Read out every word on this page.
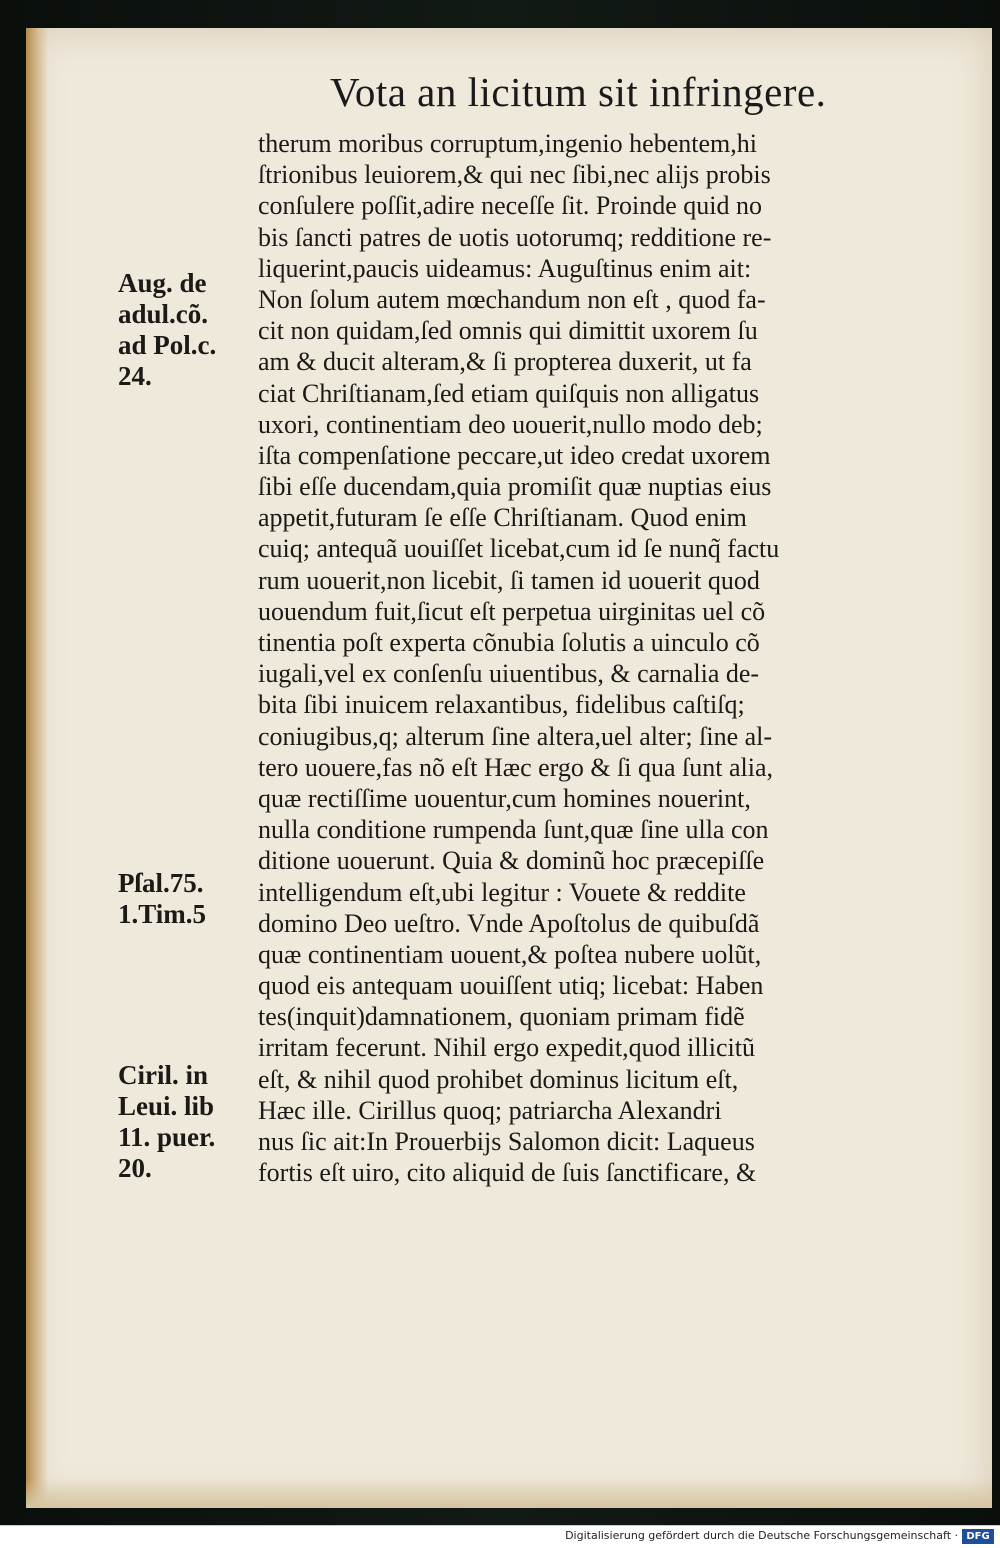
Vota an licitum sit infringere.
Aug. de
adul.cõ.
ad Pol.c.
24.
Pſal.75.
1.Tim.5
Ciril. in
Leui. lib
11. puer.
20.
therum moribus corruptum,ingenio hebentem,hi
ſtrionibus leuiorem,& qui nec ſibi,nec alijs probis
conſulere poſſit,adire neceſſe ſit. Proinde quid no
bis ſancti patres de uotis uotorumq; redditione re-
liquerint,paucis uideamus: Auguſtinus enim ait:
Non ſolum autem mœchandum non eſt , quod fa-
cit non quidam,ſed omnis qui dimittit uxorem ſu
am & ducit alteram,& ſi propterea duxerit, ut fa
ciat Chriſtianam,ſed etiam quiſquis non alligatus
uxori, continentiam deo uouerit,nullo modo deb;
iſta compenſatione peccare,ut ideo credat uxorem
ſibi eſſe ducendam,quia promiſit quæ nuptias eius
appetit,futuram ſe eſſe Chriſtianam. Quod enim
cuiq; antequã uouiſſet licebat,cum id ſe nunq̃ factu
rum uouerit,non licebit, ſi tamen id uouerit quod
uouendum fuit,ſicut eſt perpetua uirginitas uel cõ
tinentia poſt experta cõnubia ſolutis a uinculo cõ
iugali,vel ex conſenſu uiuentibus, & carnalia de-
bita ſibi inuicem relaxantibus, fidelibus caſtiſq;
coniugibus,q; alterum ſine altera,uel alter; ſine al-
tero uouere,fas nõ eſt Hæc ergo & ſi qua ſunt alia,
quæ rectiſſime uouentur,cum homines nouerint,
nulla conditione rumpenda ſunt,quæ ſine ulla con
ditione uouerunt. Quia & dominũ hoc præcepiſſe
intelligendum eſt,ubi legitur : Vouete & reddite
domino Deo ueſtro. Vnde Apoſtolus de quibuſdã
quæ continentiam uouent,& poſtea nubere uolũt,
quod eis antequam uouiſſent utiq; licebat: Haben
tes(inquit)damnationem, quoniam primam fidẽ
irritam fecerunt. Nihil ergo expedit,quod illicitũ
eſt, & nihil quod prohibet dominus licitum eſt,
Hæc ille. Cirillus quoq; patriarcha Alexandri
nus ſic ait:In Prouerbijs Salomon dicit: Laqueus
fortis eſt uiro, cito aliquid de ſuis ſanctificare, &
Digitalisierung gefördert durch die Deutsche Forschungsgemeinschaft · DFG
